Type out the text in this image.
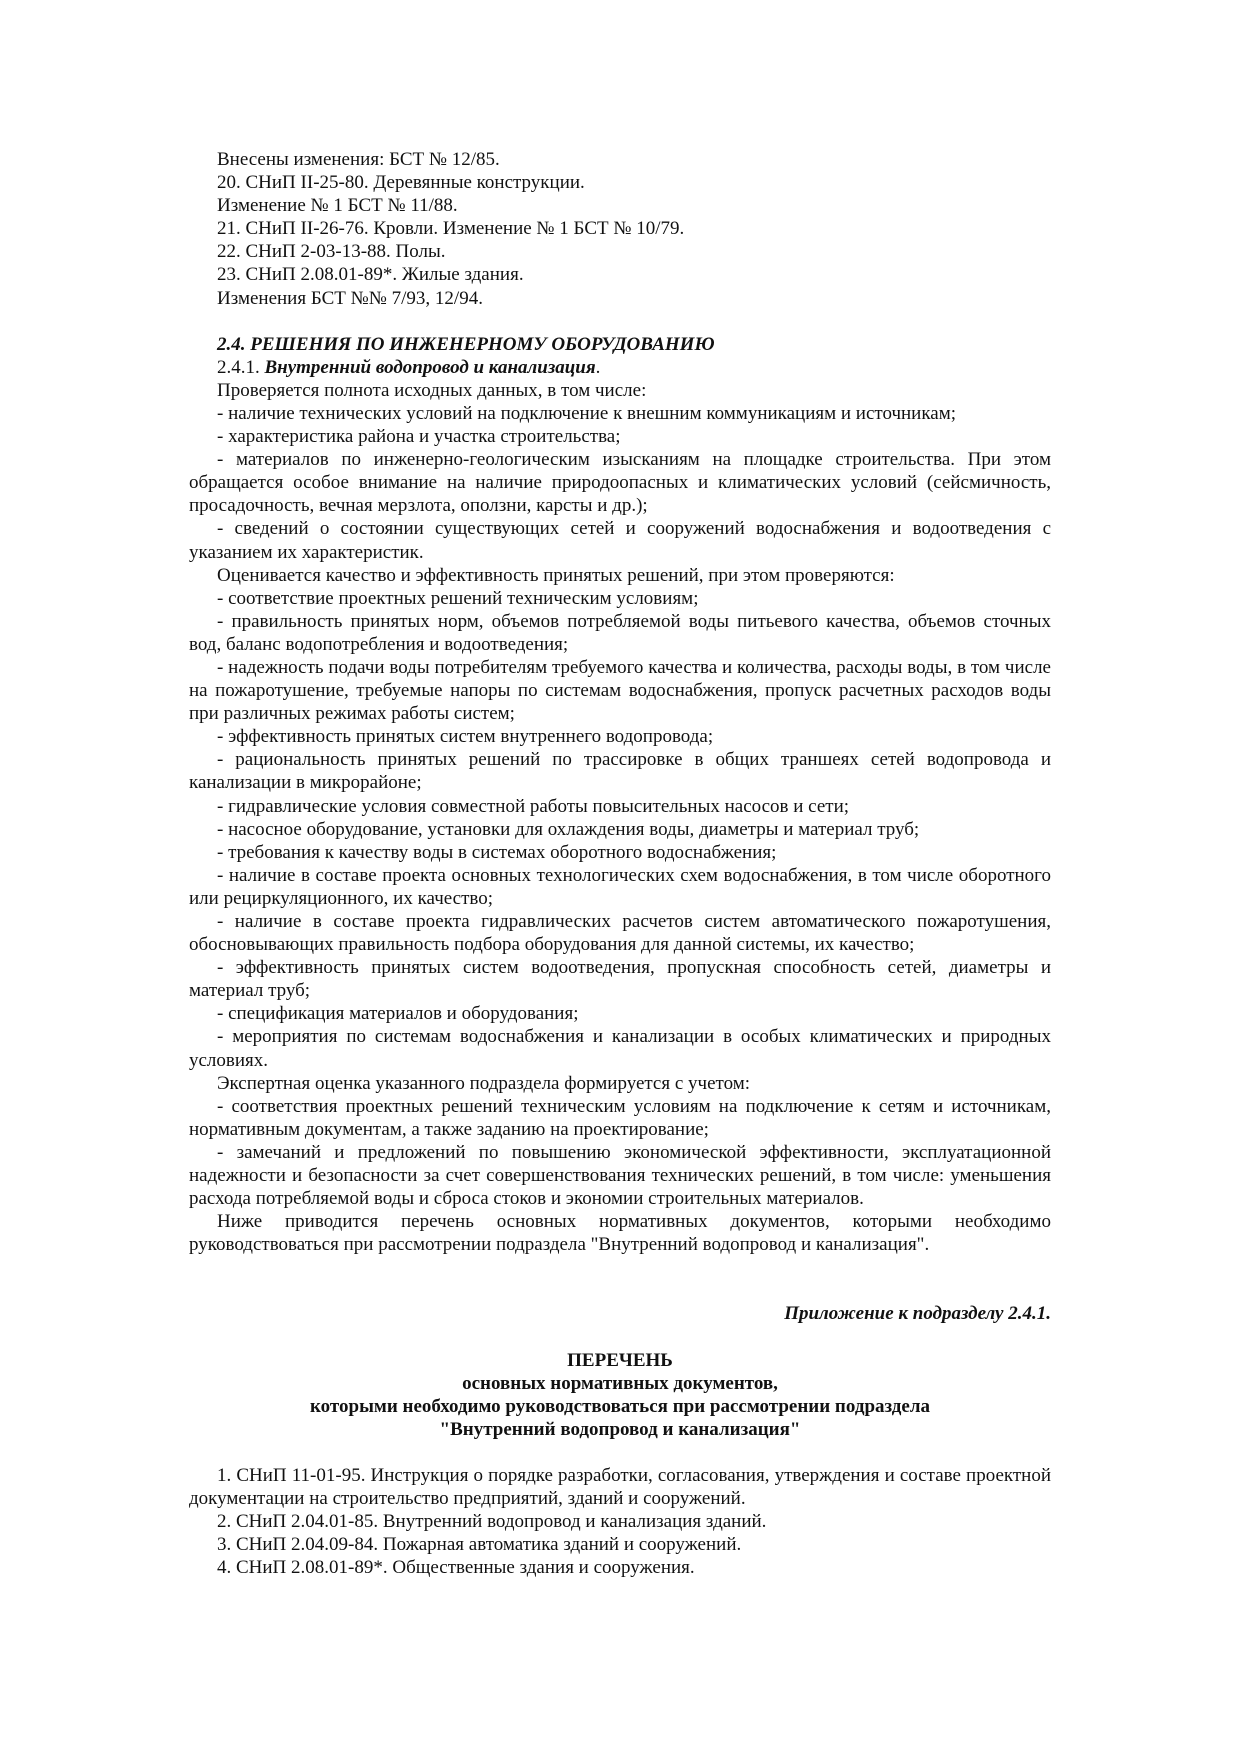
Внесены изменения: БСТ № 12/85.

20. СНиП II-25-80. Деревянные конструкции.

Изменение № 1 БСТ № 11/88.

21. СНиП II-26-76. Кровли. Изменение № 1 БСТ № 10/79.

22. СНиП 2-03-13-88. Полы.

23. СНиП 2.08.01-89*. Жилые здания.

Изменения БСТ №№ 7/93, 12/94.

2.4. РЕШЕНИЯ ПО ИНЖЕНЕРНОМУ ОБОРУДОВАНИЮ

2.4.1. Внутренний водопровод и канализация.

Проверяется полнота исходных данных, в том числе:

- наличие технических условий на подключение к внешним коммуникациям и источникам;

- характеристика района и участка строительства;

- материалов по инженерно-геологическим изысканиям на площадке строительства. При этом обращается особое внимание на наличие природоопасных и климатических условий (сейсмичность, просадочность, вечная мерзлота, оползни, карсты и др.);

- сведений о состоянии существующих сетей и сооружений водоснабжения и водоотведения с указанием их характеристик.

Оценивается качество и эффективность принятых решений, при этом проверяются:

- соответствие проектных решений техническим условиям;

- правильность принятых норм, объемов потребляемой воды питьевого качества, объемов сточных вод, баланс водопотребления и водоотведения;

- надежность подачи воды потребителям требуемого качества и количества, расходы воды, в том числе на пожаротушение, требуемые напоры по системам водоснабжения, пропуск расчетных расходов воды при различных режимах работы систем;

- эффективность принятых систем внутреннего водопровода;

- рациональность принятых решений по трассировке в общих траншеях сетей водопровода и канализации в микрорайоне;

- гидравлические условия совместной работы повысительных насосов и сети;

- насосное оборудование, установки для охлаждения воды, диаметры и материал труб;

- требования к качеству воды в системах оборотного водоснабжения;

- наличие в составе проекта основных технологических схем водоснабжения, в том числе оборотного или рециркуляционного, их качество;

- наличие в составе проекта гидравлических расчетов систем автоматического пожаротушения, обосновывающих правильность подбора оборудования для данной системы, их качество;

- эффективность принятых систем водоотведения, пропускная способность сетей, диаметры и материал труб;

- спецификация материалов и оборудования;

- мероприятия по системам водоснабжения и канализации в особых климатических и природных условиях.

Экспертная оценка указанного подраздела формируется с учетом:

- соответствия проектных решений техническим условиям на подключение к сетям и источникам, нормативным документам, а также заданию на проектирование;

- замечаний и предложений по повышению экономической эффективности, эксплуатационной надежности и безопасности за счет совершенствования технических решений, в том числе: уменьшения расхода потребляемой воды и сброса стоков и экономии строительных материалов.

Ниже приводится перечень основных нормативных документов, которыми необходимо руководствоваться при рассмотрении подраздела "Внутренний водопровод и канализация".

Приложение к подразделу 2.4.1.

ПЕРЕЧЕНЬ

основных нормативных документов,

которыми необходимо руководствоваться при рассмотрении подраздела

"Внутренний водопровод и канализация"

1. СНиП 11-01-95. Инструкция о порядке разработки, согласования, утверждения и составе проектной документации на строительство предприятий, зданий и сооружений.

2. СНиП 2.04.01-85. Внутренний водопровод и канализация зданий.

3. СНиП 2.04.09-84. Пожарная автоматика зданий и сооружений.

4. СНиП 2.08.01-89*. Общественные здания и сооружения.
